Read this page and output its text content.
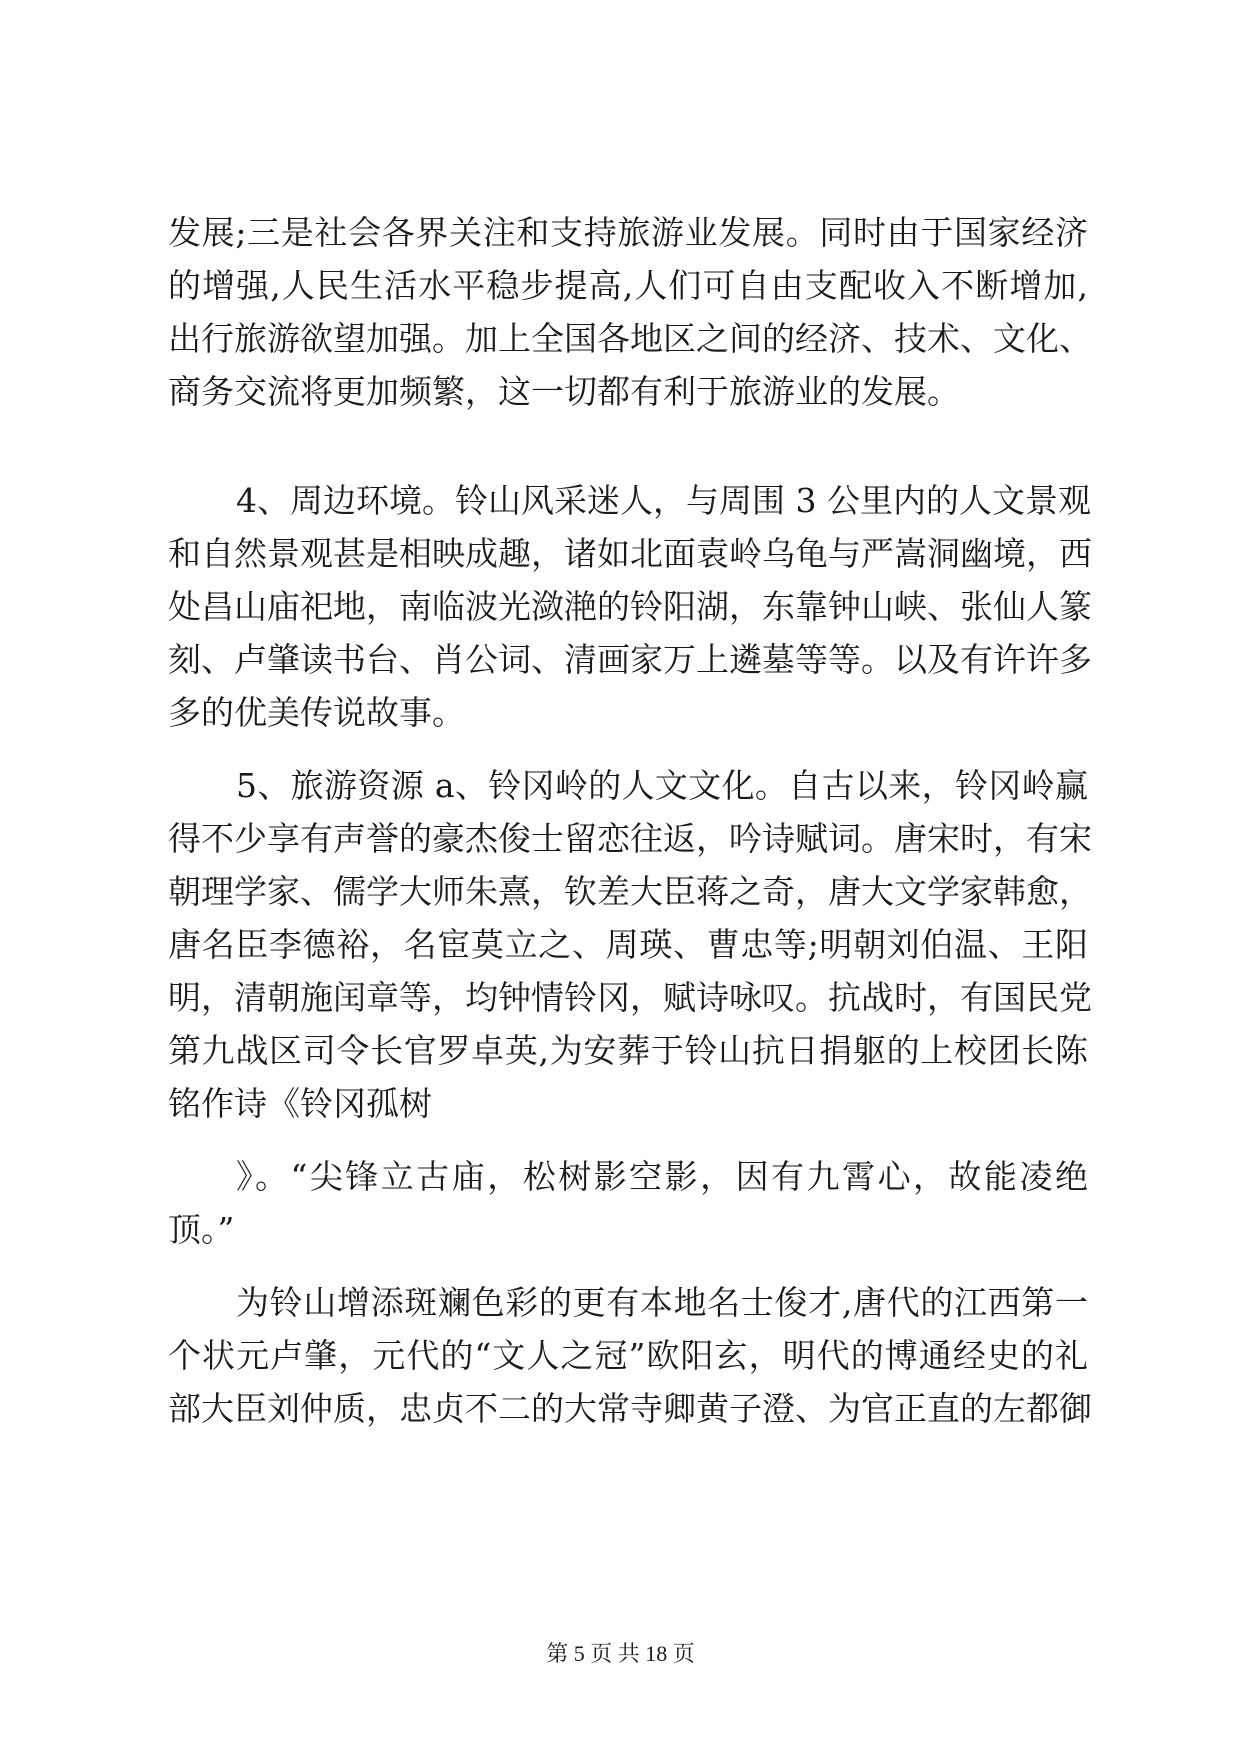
发展;三是社会各界关注和支持旅游业发展。同时由于国家经济
的增强,人民生活水平稳步提高,人们可自由支配收入不断增加,
出行旅游欲望加强。加上全国各地区之间的经济、技术、文化、
商务交流将更加频繁，这一切都有利于旅游业的发展。
4、周边环境。铃山风采迷人，与周围 3 公里内的人文景观
和自然景观甚是相映成趣，诸如北面袁岭乌龟与严嵩洞幽境，西
处昌山庙祀地，南临波光潋滟的铃阳湖，东靠钟山峡、张仙人篆
刻、卢肇读书台、肖公词、清画家万上遴墓等等。以及有许许多
多的优美传说故事。
5、旅游资源 a、铃冈岭的人文文化。自古以来，铃冈岭赢
得不少享有声誉的豪杰俊士留恋往返，吟诗赋词。唐宋时，有宋
朝理学家、儒学大师朱熹，钦差大臣蒋之奇，唐大文学家韩愈，
唐名臣李德裕，名宦莫立之、周瑛、曹忠等;明朝刘伯温、王阳
明，清朝施闰章等，均钟情铃冈，赋诗咏叹。抗战时，有国民党
第九战区司令长官罗卓英,为安葬于铃山抗日捐躯的上校团长陈
铭作诗《铃冈孤树
》。“尖锋立古庙，松树影空影，因有九霄心，故能凌绝
顶。”
为铃山增添斑斓色彩的更有本地名士俊才,唐代的江西第一
个状元卢肇，元代的“文人之冠”欧阳玄，明代的博通经史的礼
部大臣刘仲质，忠贞不二的大常寺卿黄子澄、为官正直的左都御
第 5 页 共 18 页
